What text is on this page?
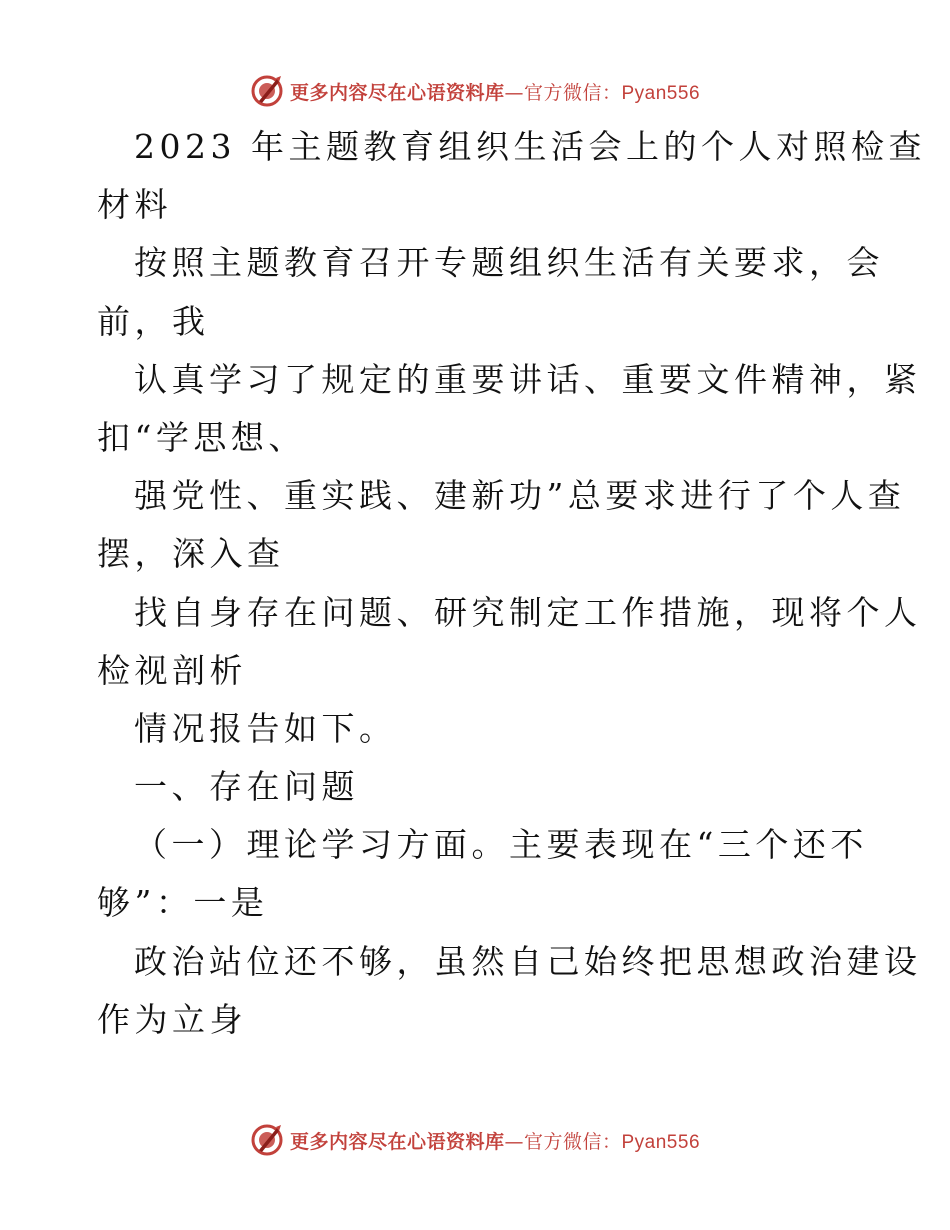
更多内容尽在心语资料库—官方微信：Pyan556
2023 年主题教育组织生活会上的个人对照检查
材料
按照主题教育召开专题组织生活有关要求，会
前，我
认真学习了规定的重要讲话、重要文件精神，紧
扣“学思想、
强党性、重实践、建新功”总要求进行了个人查
摆，深入查
找自身存在问题、研究制定工作措施，现将个人
检视剖析
情况报告如下。
一、存在问题
（一）理论学习方面。主要表现在“三个还不
够”：一是
政治站位还不够，虽然自己始终把思想政治建设
作为立身
更多内容尽在心语资料库—官方微信：Pyan556
